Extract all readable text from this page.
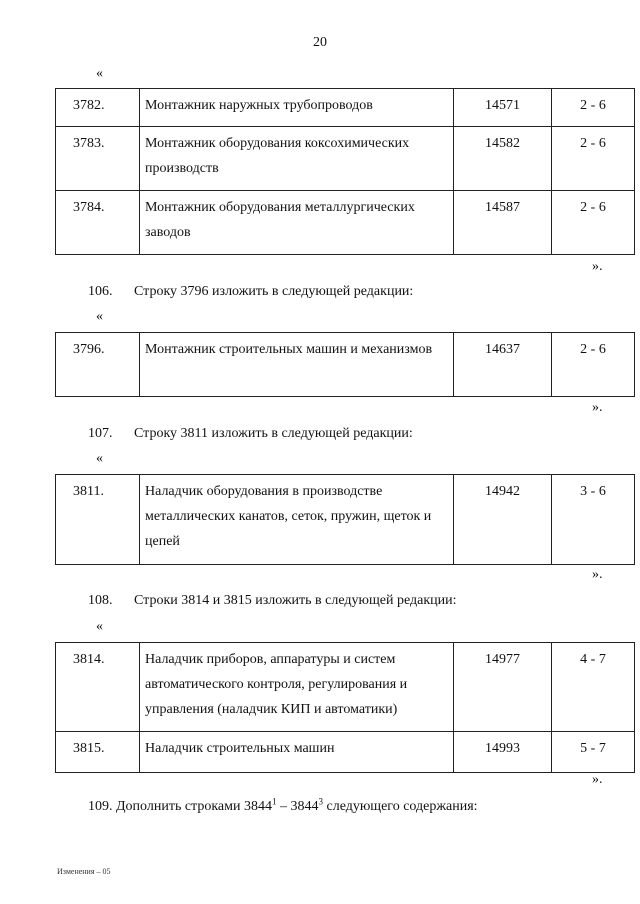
20
«
3782.	Монтажник наружных трубопроводов	14571	2 - 6
3783.	Монтажник оборудования коксохимических производств	14582	2 - 6
3784.	Монтажник оборудования металлургических заводов	14587	2 - 6
».
106. Строку 3796 изложить в следующей редакции:
«
3796.	Монтажник строительных машин и механизмов	14637	2 - 6
».
107. Строку 3811 изложить в следующей редакции:
«
3811.	Наладчик оборудования в производстве металлических канатов, сеток, пружин, щеток и цепей	14942	3 - 6
».
108. Строки 3814 и 3815 изложить в следующей редакции:
«
3814.	Наладчик приборов, аппаратуры и систем автоматического контроля, регулирования и управления (наладчик КИП и автоматики)	14977	4 - 7
3815.	Наладчик строительных машин	14993	5 - 7
».
109. Дополнить строками 3844$^1$ – 3844$^3$ следующего содержания:
Изменения – 05
